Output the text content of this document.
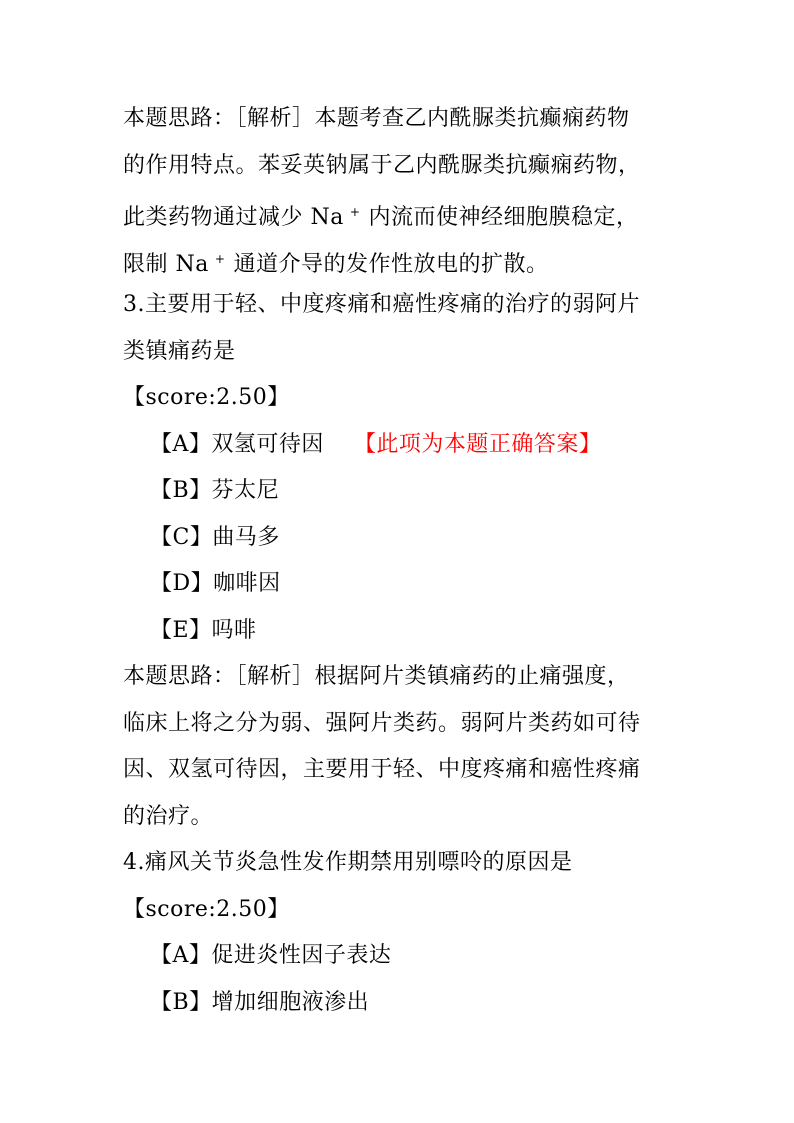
本题思路：［解析］本题考查乙内酰脲类抗癫痫药物
的作用特点。苯妥英钠属于乙内酰脲类抗癫痫药物，
此类药物通过减少 Na + 内流而使神经细胞膜稳定，
限制 Na + 通道介导的发作性放电的扩散。
3.主要用于轻、中度疼痛和癌性疼痛的治疗的弱阿片
类镇痛药是
【score:2.50】
【A】双氢可待因 【此项为本题正确答案】
【B】芬太尼
【C】曲马多
【D】咖啡因
【E】吗啡
本题思路：［解析］根据阿片类镇痛药的止痛强度，
临床上将之分为弱、强阿片类药。弱阿片类药如可待
因、双氢可待因，主要用于轻、中度疼痛和癌性疼痛
的治疗。
4.痛风关节炎急性发作期禁用别嘌呤的原因是
【score:2.50】
【A】促进炎性因子表达
【B】增加细胞液渗出
